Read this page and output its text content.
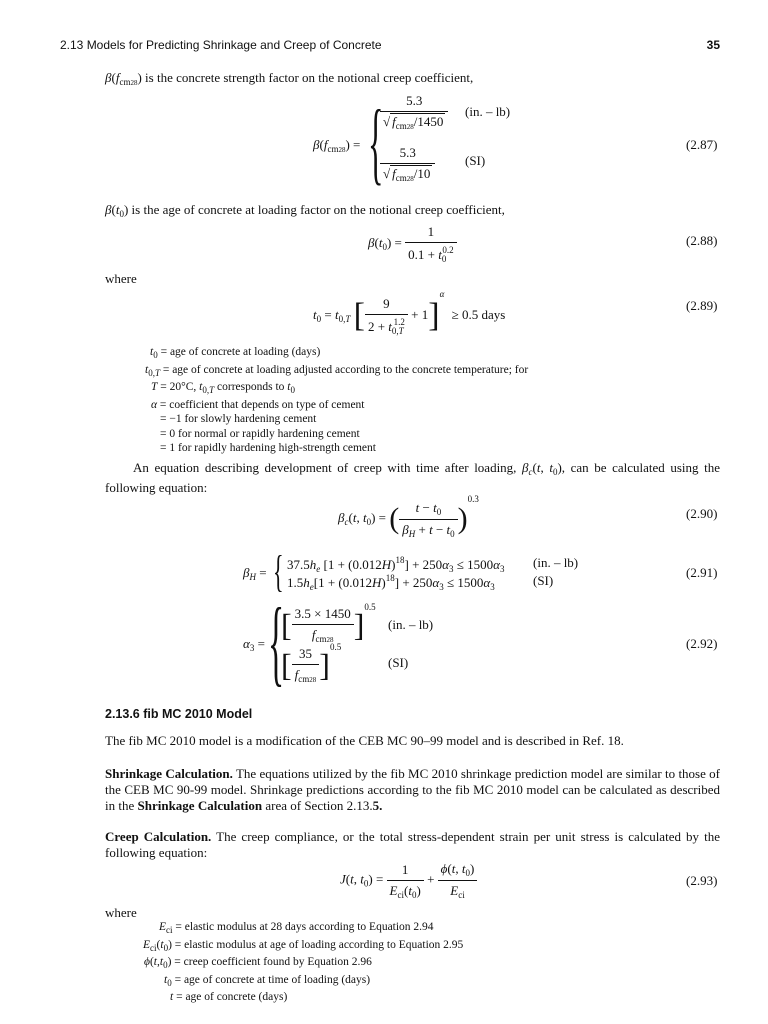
2.13 Models for Predicting Shrinkage and Creep of Concrete	35
$\beta(f_{cm28})$ is the concrete strength factor on the notional creep coefficient,
$\beta(f_{cm28})$ = {
$\frac{5.3}{√ f_{cm28}/1450} (in$. – lb)
$\frac{5.3}{√ f_{cm28}/10} (SI)$
(2.87)
$\beta(t_0)$ is the age of concrete at loading factor on the notional creep coefficient,
$\beta(t_0) = \frac{1}{0.1 + t_0^{0.2}}$	(2.88)
where
$t_0 = t_{0,T}$ [ $\frac{9}{2 + t_{0,T}^{1.2}} + 1]^\alpha \ge 0.5$ days
(2.89)
$t_0$ = age of concrete at loading (days)
$t_{0,T}$ = age of concrete at loading adjusted according to the concrete temperature; for
T = 20°C, $t_{0,T}$ corresponds to $t_0$
α = coefficient that depends on type of cement
= −1 for slowly hardening cement
= 0 for normal or rapidly hardening cement
= 1 for rapidly hardening high-strength cement
An equation describing development of creep with time after loading, $\beta_c(t$, $t_0$), can be calculated using the following equation:
$\beta_c(t$, $t_0$) = ( $\frac{t - t_0}{\beta_H + t - t_0} )^{0.3}$
(2.90)
$\beta_H$ = { $37.5h_e$ $[1 + (0.012H)^{18}] + 250\alpha_3 \le 1500\alpha_3$ (in. – lb)
$1.5h_e[1 + (0.012H)^{18}] + 250\alpha_3 \le 1500\alpha_3$	(SI)
(2.91)
$\alpha_3$ = {
[ $\frac{3.5 \times 1450}{f_{cm28}} ]^{0.5}$
(in. – lb)
[ $\frac{35}{f_{cm28}} ]^{0.5}$
(SI)
(2.92)
2.13.6 fib MC 2010 Model
The fib MC 2010 model is a modification of the CEB MC 90–99 model and is described in Ref. 18.
Shrinkage Calculation. The equations utilized by the fib MC 2010 shrinkage prediction model are similar to those of the CEB MC 90-99 model. Shrinkage predictions according to the fib MC 2010 model can be calculated as described in the Shrinkage Calculation area of Section 2.13.5.
Creep Calculation. The creep compliance, or the total stress-dependent strain per unit stress is calculated by the following equation:
J(t, $t_0) = \frac{1}{E_{ci}(t_0)} + \frac{\phi(t, t_0)}{E_{ci}}$	(2.93)
where
$E_{ci}$ = elastic modulus at 28 days according to Equation 2.94
$E_{ci}(t_0)$ = elastic modulus at age of loading according to Equation 2.95
$\phi(t,t_0)$ = creep coefficient found by Equation 2.96
$t_0$ = age of concrete at time of loading (days)
t = age of concrete (days)
